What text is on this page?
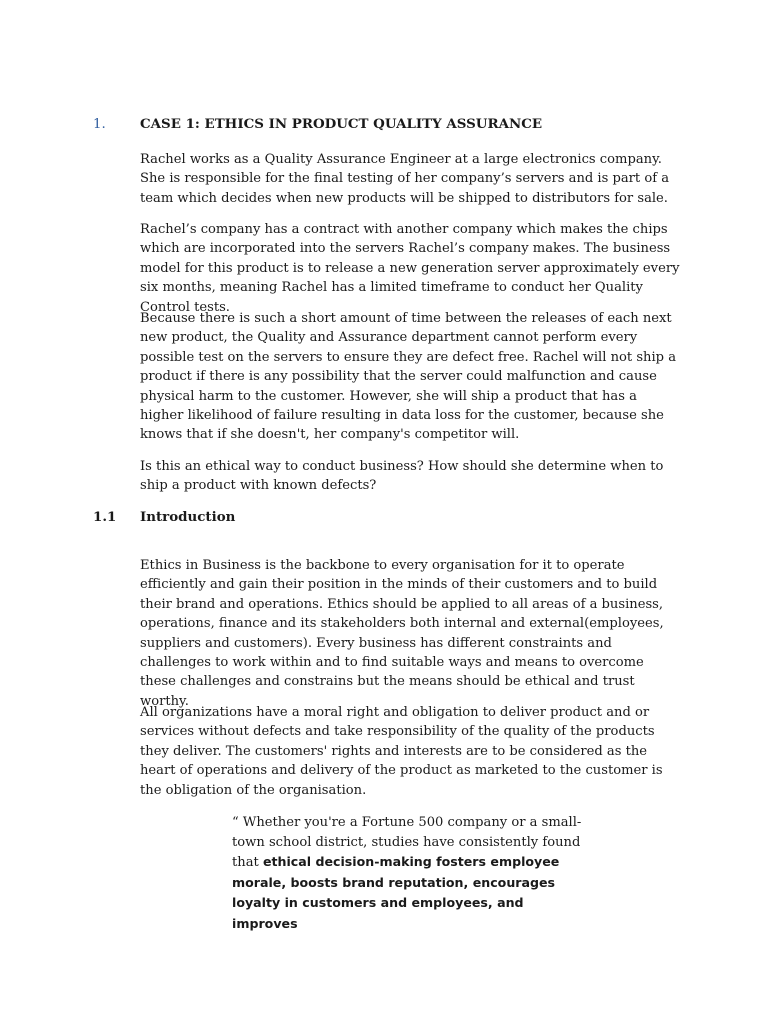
1.	CASE 1: ETHICS IN PRODUCT QUALITY ASSURANCE

Rachel works as a Quality Assurance Engineer at a large electronics company. She is responsible for the final testing of her company’s servers and is part of a team which decides when new products will be shipped to distributors for sale.

Rachel’s company has a contract with another company which makes the chips which are incorporated into the servers Rachel’s company makes. The business model for this product is to release a new generation server approximately every six months, meaning Rachel has a limited timeframe to conduct her Quality Control tests.

Because there is such a short amount of time between the releases of each next new product, the Quality and Assurance department cannot perform every possible test on the servers to ensure they are defect free. Rachel will not ship a product if there is any possibility that the server could malfunction and cause physical harm to the customer. However, she will ship a product that has a higher likelihood of failure resulting in data loss for the customer, because she knows that if she doesn't, her company's competitor will.

Is this an ethical way to conduct business? How should she determine when to ship a product with known defects?

1.1 Introduction

Ethics in Business is the backbone to every organisation for it to operate efficiently and gain their position in the minds of their customers and to build their brand and operations. Ethics should be applied to all areas of a business, operations, finance and its stakeholders both internal and external(employees, suppliers and customers). Every business has different constraints and challenges to work within and to find suitable ways and means to overcome these challenges and constrains but the means should be ethical and trust worthy.

All organizations have a moral right and obligation to deliver product and or services without defects and take responsibility of the quality of the products they deliver. The customers' rights and interests are to be considered as the heart of operations and delivery of the product as marketed to the customer is the obligation of the organisation.

“ Whether you're a Fortune 500 company or a small-town school district, studies have consistently found that ethical decision-making fosters employee morale, boosts brand reputation, encourages loyalty in customers and employees, and improves
